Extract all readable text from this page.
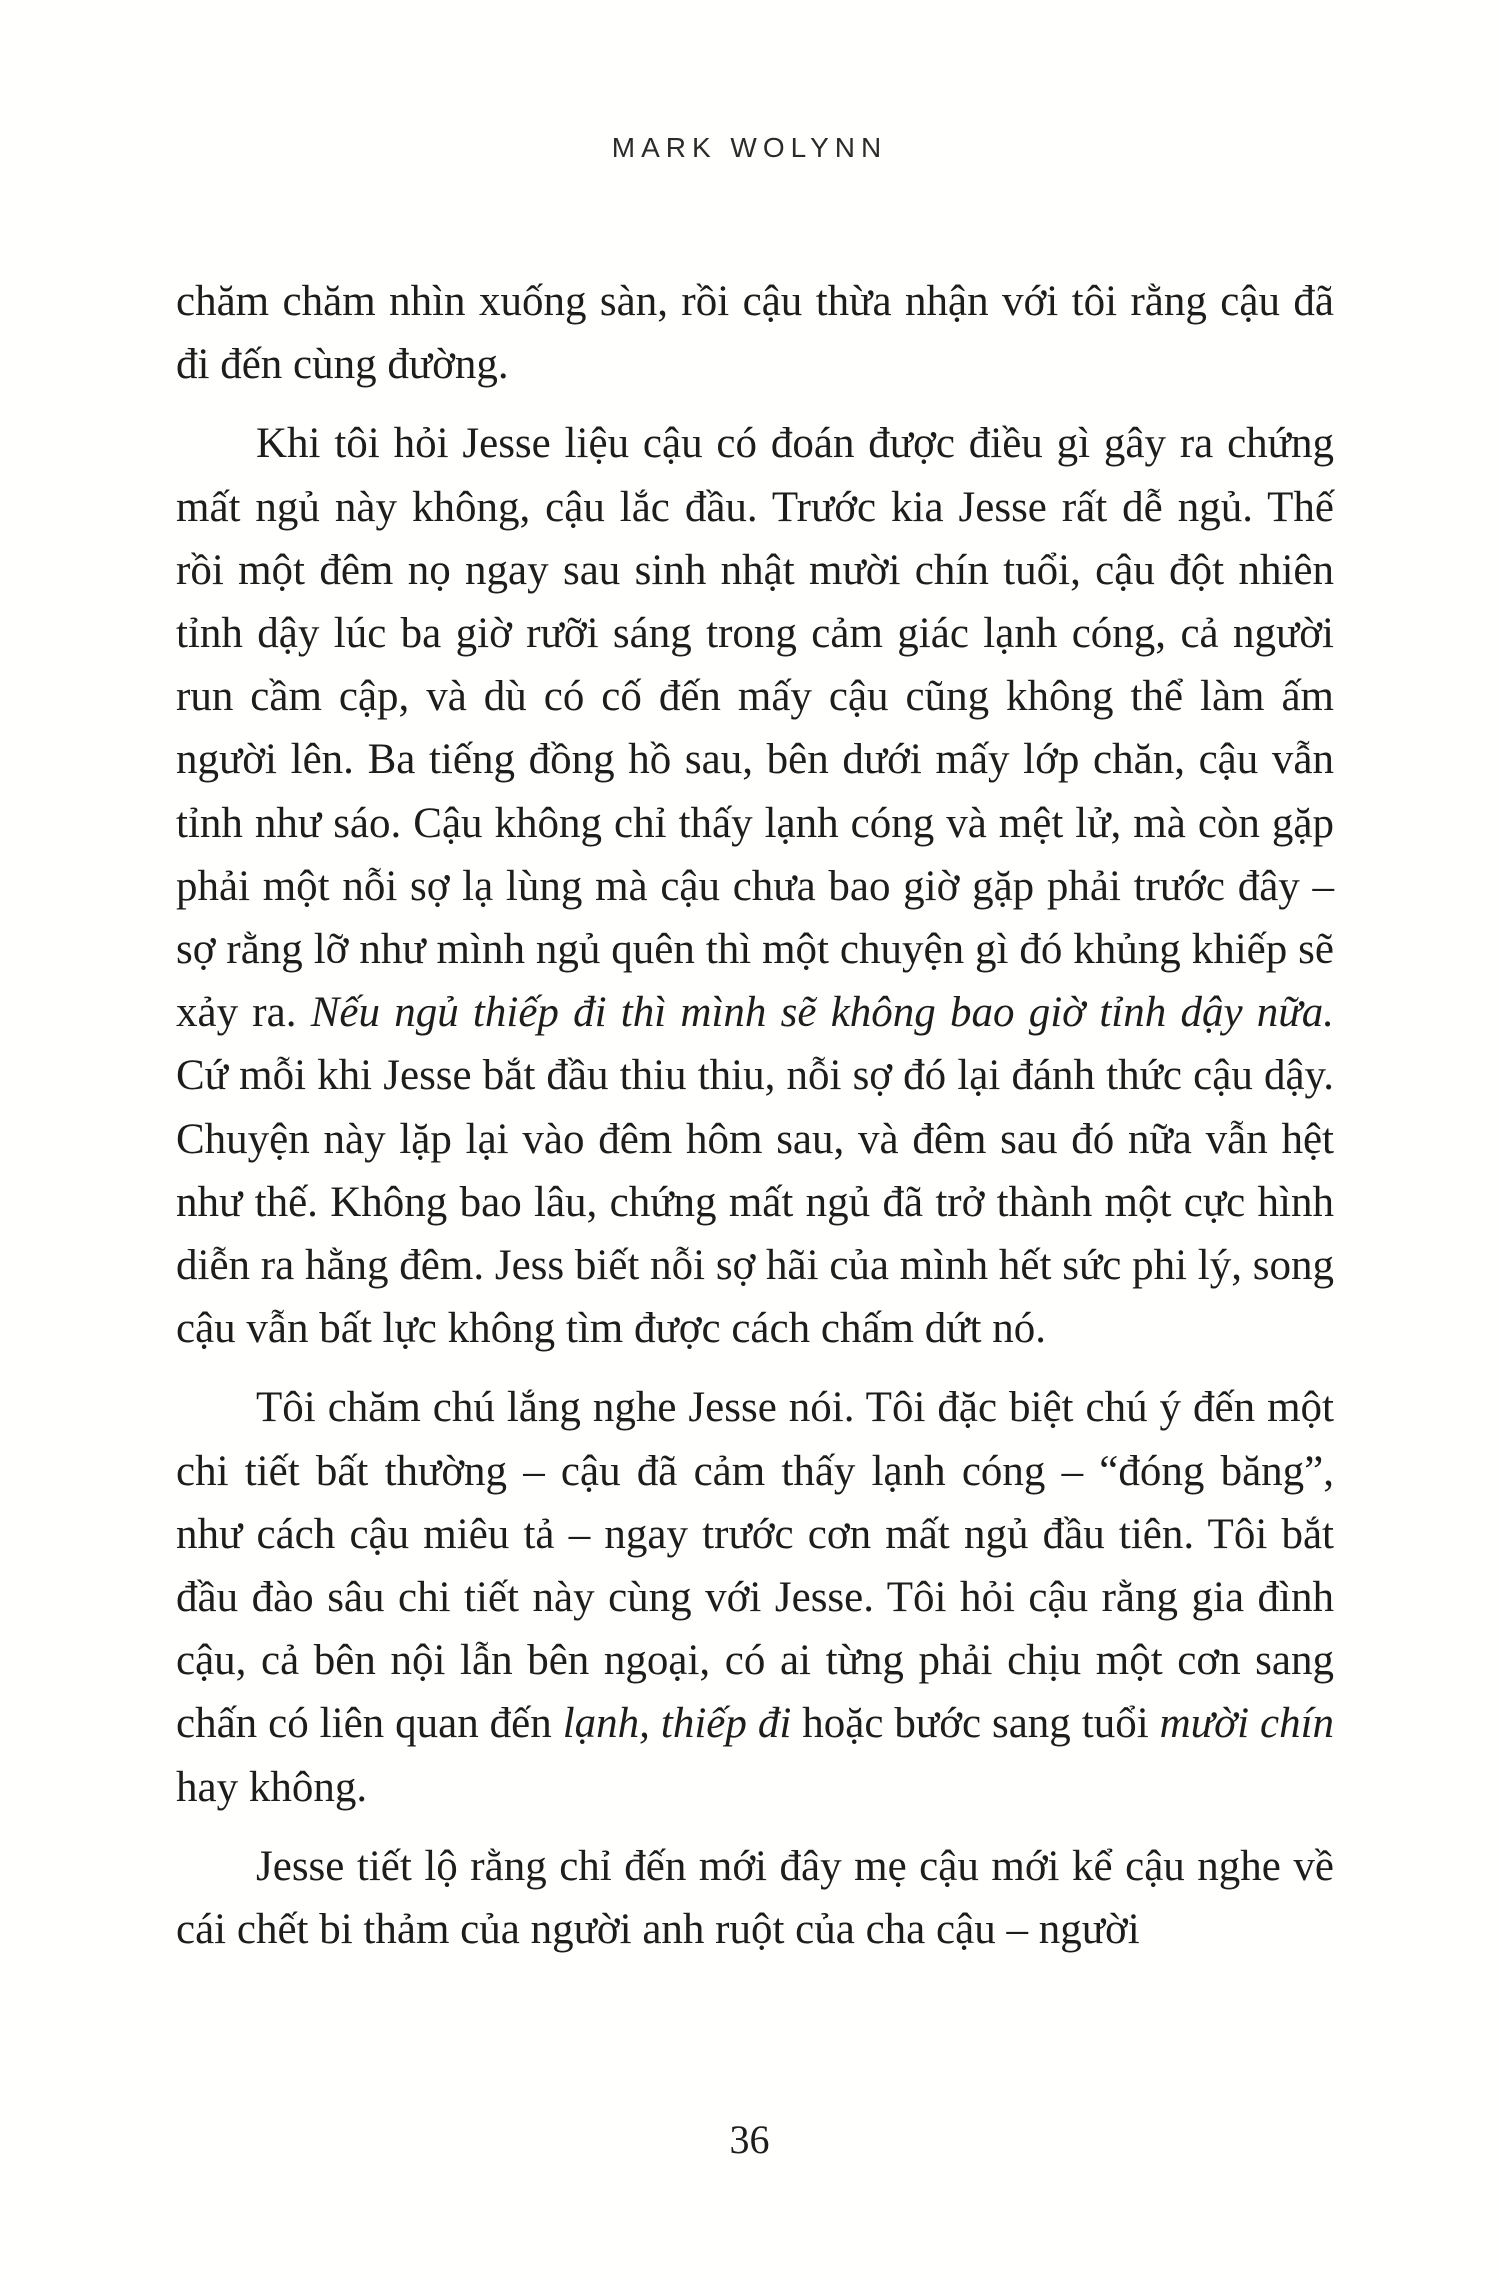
MARK WOLYNN

chăm chăm nhìn xuống sàn, rồi cậu thừa nhận với tôi rằng cậu đã đi đến cùng đường.

Khi tôi hỏi Jesse liệu cậu có đoán được điều gì gây ra chứng mất ngủ này không, cậu lắc đầu. Trước kia Jesse rất dễ ngủ. Thế rồi một đêm nọ ngay sau sinh nhật mười chín tuổi, cậu đột nhiên tỉnh dậy lúc ba giờ rưỡi sáng trong cảm giác lạnh cóng, cả người run cầm cập, và dù có cố đến mấy cậu cũng không thể làm ấm người lên. Ba tiếng đồng hồ sau, bên dưới mấy lớp chăn, cậu vẫn tỉnh như sáo. Cậu không chỉ thấy lạnh cóng và mệt lử, mà còn gặp phải một nỗi sợ lạ lùng mà cậu chưa bao giờ gặp phải trước đây – sợ rằng lỡ như mình ngủ quên thì một chuyện gì đó khủng khiếp sẽ xảy ra. Nếu ngủ thiếp đi thì mình sẽ không bao giờ tỉnh dậy nữa. Cứ mỗi khi Jesse bắt đầu thiu thiu, nỗi sợ đó lại đánh thức cậu dậy. Chuyện này lặp lại vào đêm hôm sau, và đêm sau đó nữa vẫn hệt như thế. Không bao lâu, chứng mất ngủ đã trở thành một cực hình diễn ra hằng đêm. Jess biết nỗi sợ hãi của mình hết sức phi lý, song cậu vẫn bất lực không tìm được cách chấm dứt nó.

Tôi chăm chú lắng nghe Jesse nói. Tôi đặc biệt chú ý đến một chi tiết bất thường – cậu đã cảm thấy lạnh cóng – “đóng băng”, như cách cậu miêu tả – ngay trước cơn mất ngủ đầu tiên. Tôi bắt đầu đào sâu chi tiết này cùng với Jesse. Tôi hỏi cậu rằng gia đình cậu, cả bên nội lẫn bên ngoại, có ai từng phải chịu một cơn sang chấn có liên quan đến lạnh, thiếp đi hoặc bước sang tuổi mười chín hay không.

Jesse tiết lộ rằng chỉ đến mới đây mẹ cậu mới kể cậu nghe về cái chết bi thảm của người anh ruột của cha cậu – người

36
